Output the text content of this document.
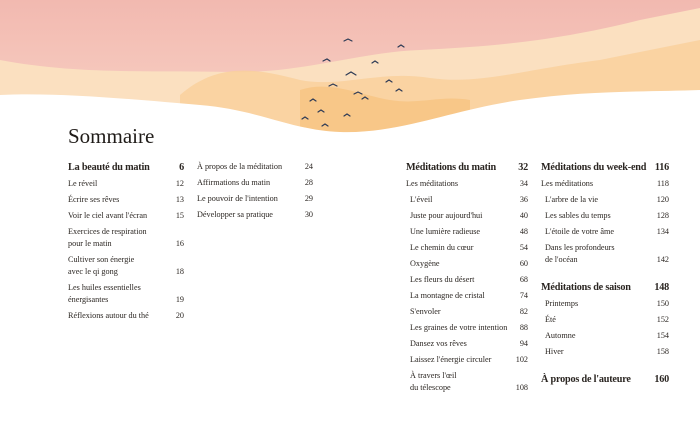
Sommaire
La beauté du matin	6
Le réveil	12
Écrire ses rêves	13
Voir le ciel avant l'écran	15
Exercices de respiration
pour le matin	16
Cultiver son énergie
avec le qi gong	18
Les huiles essentielles
énergisantes	19
Réflexions autour du thé	20
À propos de la méditation	24
Affirmations du matin	28
Le pouvoir de l'intention	29
Développer sa pratique	30
Méditations du matin	32
Les méditations	34
L'éveil	36
Juste pour aujourd'hui	40
Une lumière radieuse	48
Le chemin du cœur	54
Oxygène	60
Les fleurs du désert	68
La montagne de cristal	74
S'envoler	82
Les graines de votre intention	88
Dansez vos rêves	94
Laissez l'énergie circuler	102
À travers l'œil
du télescope	108
Méditations du week-end 116
Les méditations	118
L'arbre de la vie	120
Les sables du temps	128
L'étoile de votre âme	134
Dans les profondeurs
de l'océan	142
Méditations de saison	148
Printemps	150
Été	152
Automne	154
Hiver	158
À propos de l'auteure	160
